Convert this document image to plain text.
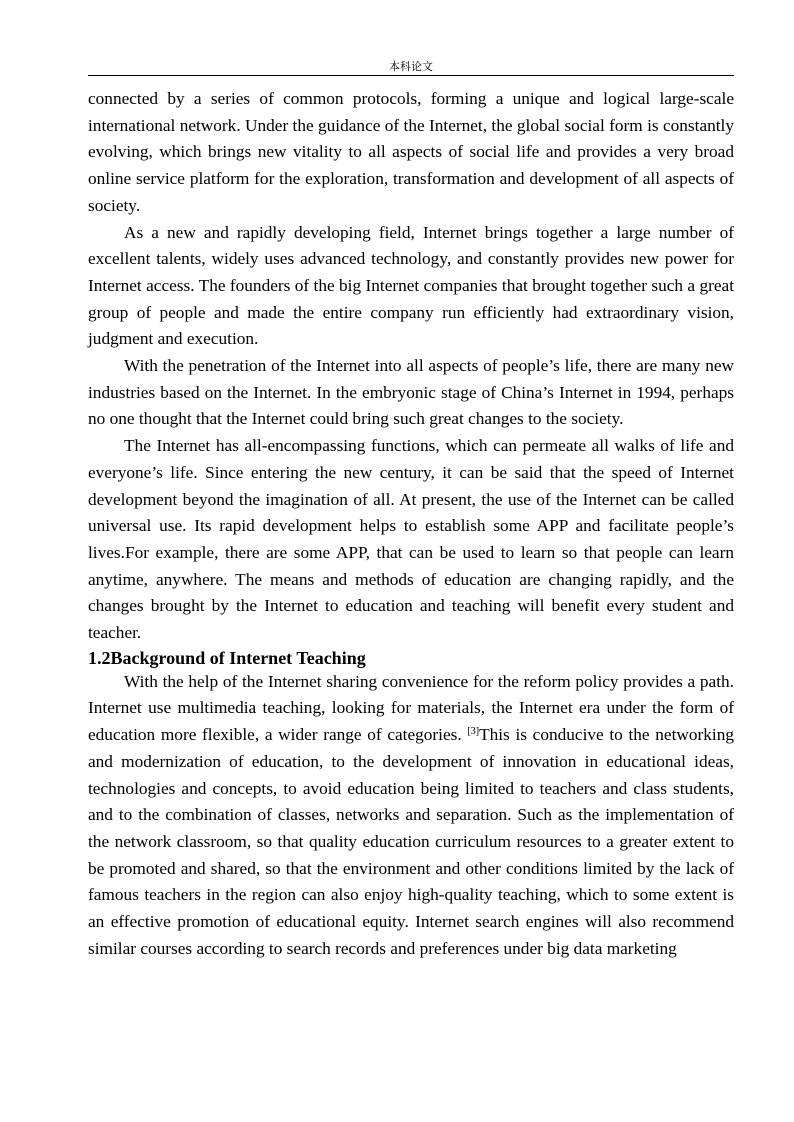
本科论文

connected by a series of common protocols, forming a unique and logical large-scale international network. Under the guidance of the Internet, the global social form is constantly evolving, which brings new vitality to all aspects of social life and provides a very broad online service platform for the exploration, transformation and development of all aspects of society.

As a new and rapidly developing field, Internet brings together a large number of excellent talents, widely uses advanced technology, and constantly provides new power for Internet access. The founders of the big Internet companies that brought together such a great group of people and made the entire company run efficiently had extraordinary vision, judgment and execution.

With the penetration of the Internet into all aspects of people’s life, there are many new industries based on the Internet. In the embryonic stage of China’s Internet in 1994, perhaps no one thought that the Internet could bring such great changes to the society.

The Internet has all-encompassing functions, which can permeate all walks of life and everyone’s life. Since entering the new century, it can be said that the speed of Internet development beyond the imagination of all. At present, the use of the Internet can be called universal use. Its rapid development helps to establish some APP and facilitate people’s lives.For example, there are some APP, that can be used to learn so that people can learn anytime, anywhere. The means and methods of education are changing rapidly, and the changes brought by the Internet to education and teaching will benefit every student and teacher.

1.2Background of Internet Teaching

With the help of the Internet sharing convenience for the reform policy provides a path. Internet use multimedia teaching, looking for materials, the Internet era under the form of education more flexible, a wider range of categories. [3]This is conducive to the networking and modernization of education, to the development of innovation in educational ideas, technologies and concepts, to avoid education being limited to teachers and class students, and to the combination of classes, networks and separation. Such as the implementation of the network classroom, so that quality education curriculum resources to a greater extent to be promoted and shared, so that the environment and other conditions limited by the lack of famous teachers in the region can also enjoy high-quality teaching, which to some extent is an effective promotion of educational equity. Internet search engines will also recommend similar courses according to search records and preferences under big data marketing
